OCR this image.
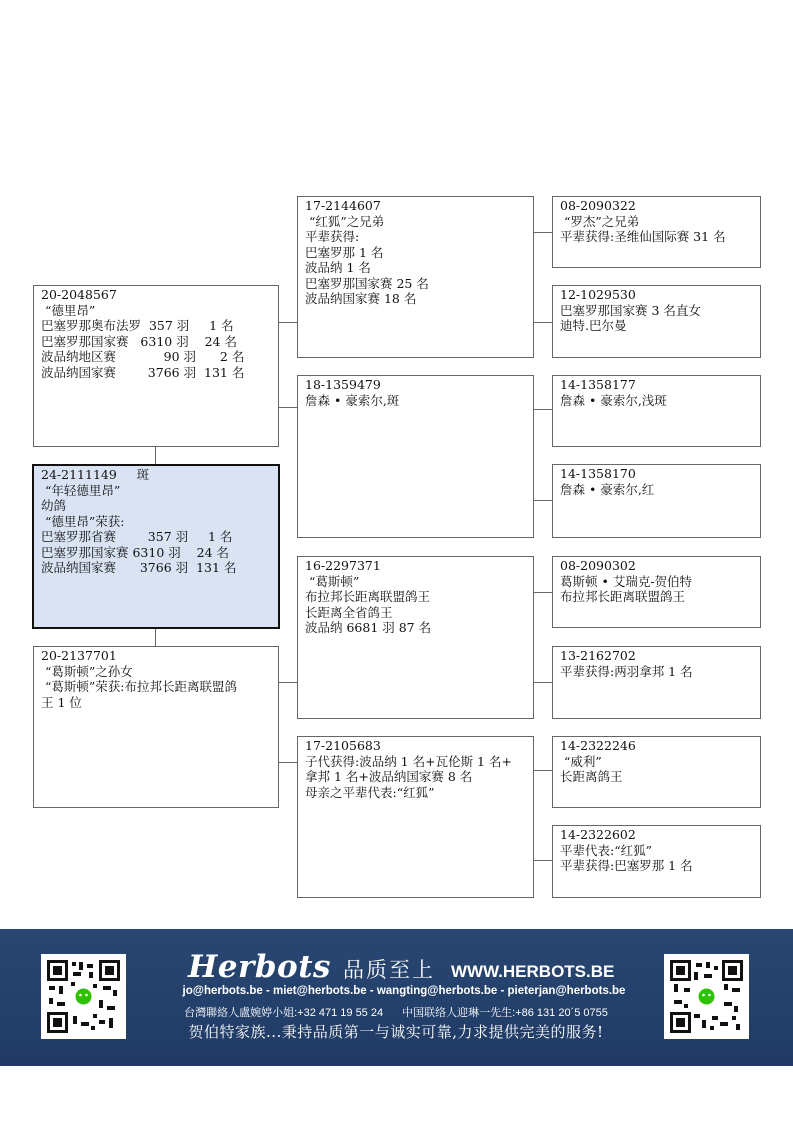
20-2048567
“德里昂”
巴塞罗那奥布法罗  357 羽     1 名
巴塞罗那国家赛   6310 羽    24 名
波品纳地区赛            90 羽      2 名
波品纳国家赛        3766 羽  131 名
24-2111149     斑
“年轻德里昂”
幼鸽
“德里昂”荣获:
巴塞罗那省赛        357 羽     1 名
巴塞罗那国家赛 6310 羽    24 名
波品纳国家赛      3766 羽  131 名
20-2137701
“葛斯顿”之孙女
“葛斯顿”荣获:布拉邦长距离联盟鸽
王 1 位
17-2144607
“红狐”之兄弟
平辈获得:
巴塞罗那 1 名
波品纳 1 名
巴塞罗那国家赛 25 名
波品纳国家赛 18 名
18-1359479
詹森 • 豪索尔,斑
16-2297371
“葛斯顿”
布拉邦长距离联盟鸽王
长距离全省鸽王
波品纳 6681 羽 87 名
17-2105683
子代获得:波品纳 1 名+瓦伦斯 1 名+
拿邦 1 名+波品纳国家赛 8 名
母亲之平辈代表:“红狐”
08-2090322
“罗杰”之兄弟
平辈获得:圣维仙国际赛 31 名
12-1029530
巴塞罗那国家赛 3 名直女
迪特.巴尔曼
14-1358177
詹森 • 豪索尔,浅斑
14-1358170
詹森 • 豪索尔,红
08-2090302
葛斯顿 • 艾瑞克-贺伯特
布拉邦长距离联盟鸽王
13-2162702
平辈获得:两羽拿邦 1 名
14-2322246
“威利”
长距离鸽王
14-2322602
平辈代表:“红狐”
平辈获得:巴塞罗那 1 名
Herbots 品质至上 WWW.HERBOTS.BE
jo@herbots.be - miet@herbots.be - wangting@herbots.be - pieterjan@herbots.be
台灣聯絡人盧婉婷小姐:+32 471 19 55 24 中国联络人迎琳一先生:+86 131 20´5 0755
贺伯特家族...秉持品质第一与诚实可靠,力求提供完美的服务!
